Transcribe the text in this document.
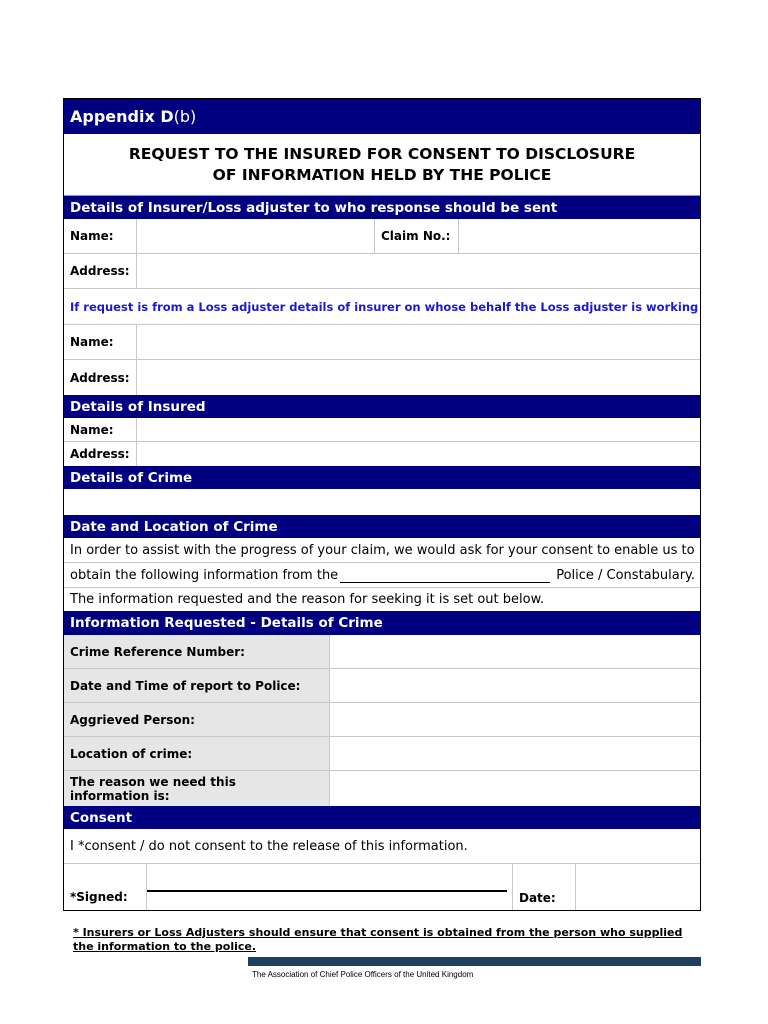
Appendix D (b)
REQUEST TO THE INSURED FOR CONSENT TO DISCLOSURE
OF INFORMATION HELD BY THE POLICE
Details of Insurer/Loss adjuster to who response should be sent
Name:	Claim No.:
Address:
If request is from a Loss adjuster details of insurer on whose behalf the Loss adjuster is working
Name:
Address:
Details of Insured
Name:
Address:
Details of Crime
Date and Location of Crime
In order to assist with the progress of your claim, we would ask for your consent to enable us to
obtain the following information from the	Police / Constabulary.
The information requested and the reason for seeking it is set out below.
Information Requested - Details of Crime
Crime Reference Number:
Date and Time of report to Police:
Aggrieved Person:
Location of crime:
The reason we need this information is:
Consent
I *consent / do not consent to the release of this information.
*Signed:	Date:
* Insurers or Loss Adjusters should ensure that consent is obtained from the person who supplied the information to the police.
The Association of Chief Police Officers of the United Kingdom
